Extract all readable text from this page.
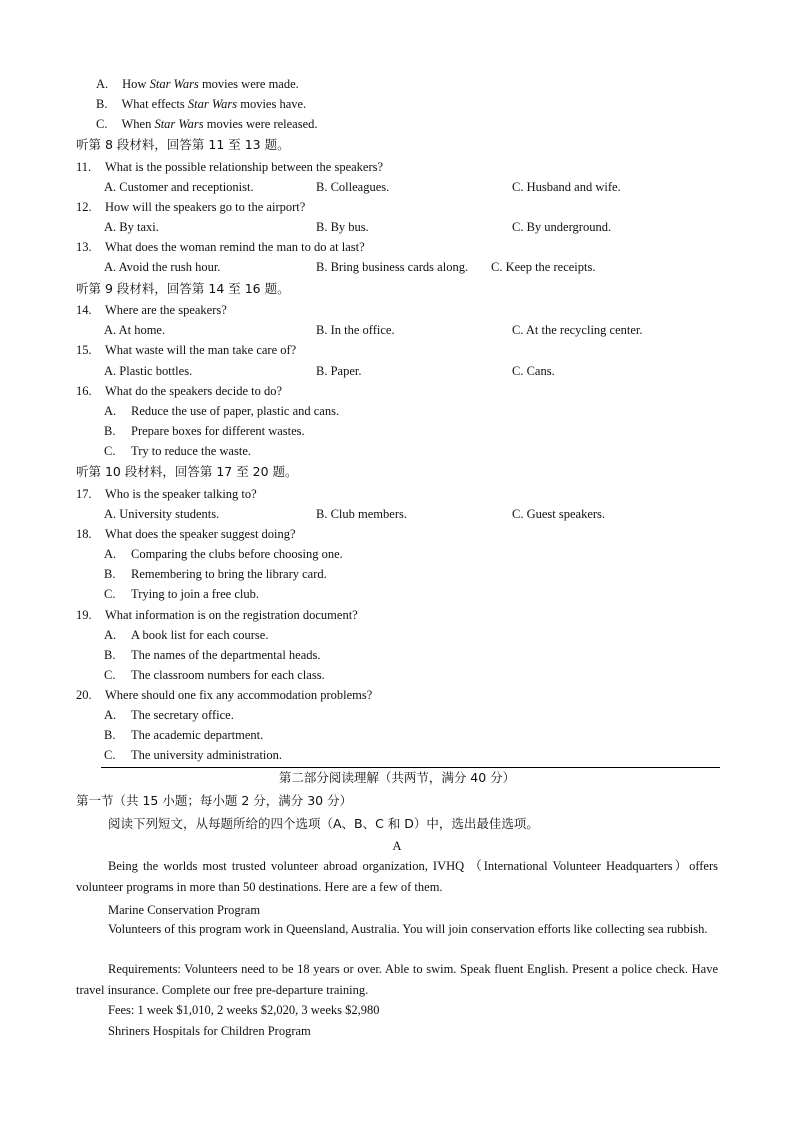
A. How Star Wars movies were made.
B. What effects Star Wars movies have.
C. When Star Wars movies were released.
听第 8 段材料，回答第 11 至 13 题。
11. What is the possible relationship between the speakers?
A. Customer and receptionist.	B. Colleagues.	C. Husband and wife.
12. How will the speakers go to the airport?
A. By taxi.	B. By bus.	C. By underground.
13. What does the woman remind the man to do at last?
A. Avoid the rush hour.	B. Bring business cards along. C. Keep the receipts.
听第 9 段材料，回答第 14 至 16 题。
14. Where are the speakers?
A. At home.	B. In the office.	C. At the recycling center.
15. What waste will the man take care of?
A. Plastic bottles.	B. Paper.	C. Cans.
16. What do the speakers decide to do?
A. Reduce the use of paper, plastic and cans.
B. Prepare boxes for different wastes.
C. Try to reduce the waste.
听第 10 段材料，回答第 17 至 20 题。
17. Who is the speaker talking to?
A. University students.	B. Club members.	C. Guest speakers.
18. What does the speaker suggest doing?
A. Comparing the clubs before choosing one.
B. Remembering to bring the library card.
C. Trying to join a free club.
19. What information is on the registration document?
A. A book list for each course.
B. The names of the departmental heads.
C. The classroom numbers for each class.
20. Where should one fix any accommodation problems?
A. The secretary office.
B. The academic department.
C. The university administration.
第二部分阅读理解（共两节，满分 40 分）
第一节（共 15 小题；每小题 2 分，满分 30 分）
阅读下列短文，从每题所给的四个选项（A、B、C 和 D）中，选出最佳选项。
A
Being the worlds most trusted volunteer abroad organization, IVHQ （International Volunteer Headquarters）offers volunteer programs in more than 50 destinations. Here are a few of them.
Marine Conservation Program
Volunteers of this program work in Queensland, Australia. You will join conservation efforts like collecting sea rubbish.
Requirements: Volunteers need to be 18 years or over. Able to swim. Speak fluent English. Present a police check. Have travel insurance. Complete our free pre-departure training.
Fees: 1 week $1,010, 2 weeks $2,020, 3 weeks $2,980
Shriners Hospitals for Children Program
